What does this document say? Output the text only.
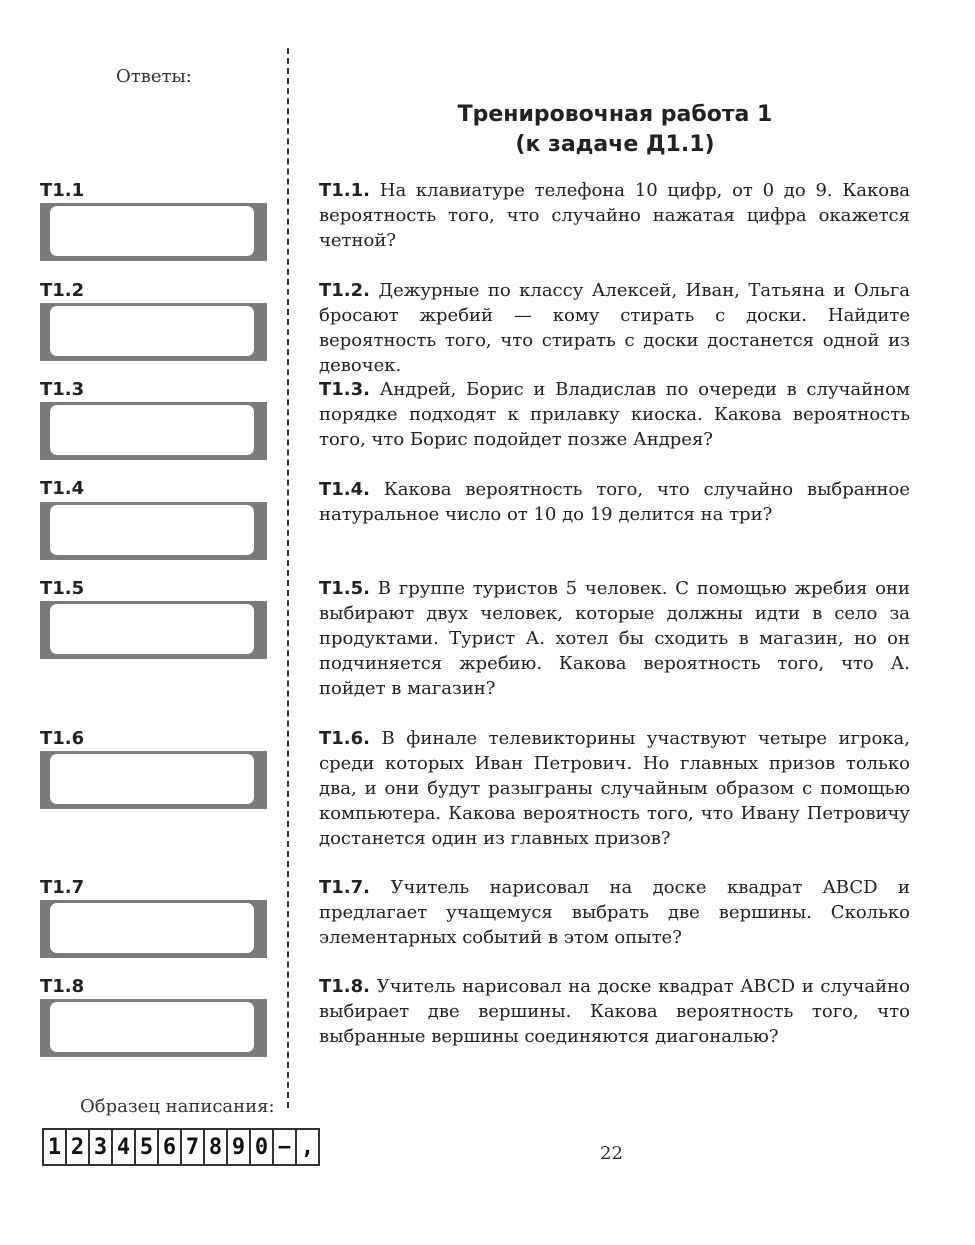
Ответы:
Тренировочная работа 1
(к задаче Д1.1)
Т1.1
Т1.2
Т1.3
Т1.4
Т1.5
Т1.6
Т1.7
Т1.8
Т1.1. На клавиатуре телефона 10 цифр, от 0 до 9. Какова вероятность того, что случайно нажатая цифра окажется четной?
Т1.2. Дежурные по классу Алексей, Иван, Татьяна и Ольга бросают жребий — кому стирать с доски. Найдите вероятность того, что стирать с доски достанется одной из девочек.
Т1.3. Андрей, Борис и Владислав по очереди в случайном порядке подходят к прилавку киоска. Какова вероятность того, что Борис подойдет позже Андрея?
Т1.4. Какова вероятность того, что случайно выбранное натуральное число от 10 до 19 делится на три?
Т1.5. В группе туристов 5 человек. С помощью жребия они выбирают двух человек, которые должны идти в село за продуктами. Турист А. хотел бы сходить в магазин, но он подчиняется жребию. Какова вероятность того, что А. пойдет в магазин?
Т1.6. В финале телевикторины участвуют четыре игрока, среди которых Иван Петрович. Но главных призов только два, и они будут разыграны случайным образом с помощью компьютера. Какова вероятность того, что Ивану Петровичу достанется один из главных призов?
Т1.7. Учитель нарисовал на доске квадрат ABCD и предлагает учащемуся выбрать две вершины. Сколько элементарных событий в этом опыте?
Т1.8. Учитель нарисовал на доске квадрат ABCD и случайно выбирает две вершины. Какова вероятность того, что выбранные вершины соединяются диагональю?
Образец написания:
1 2 3 4 5 6 7 8 9 0 − ,	22
